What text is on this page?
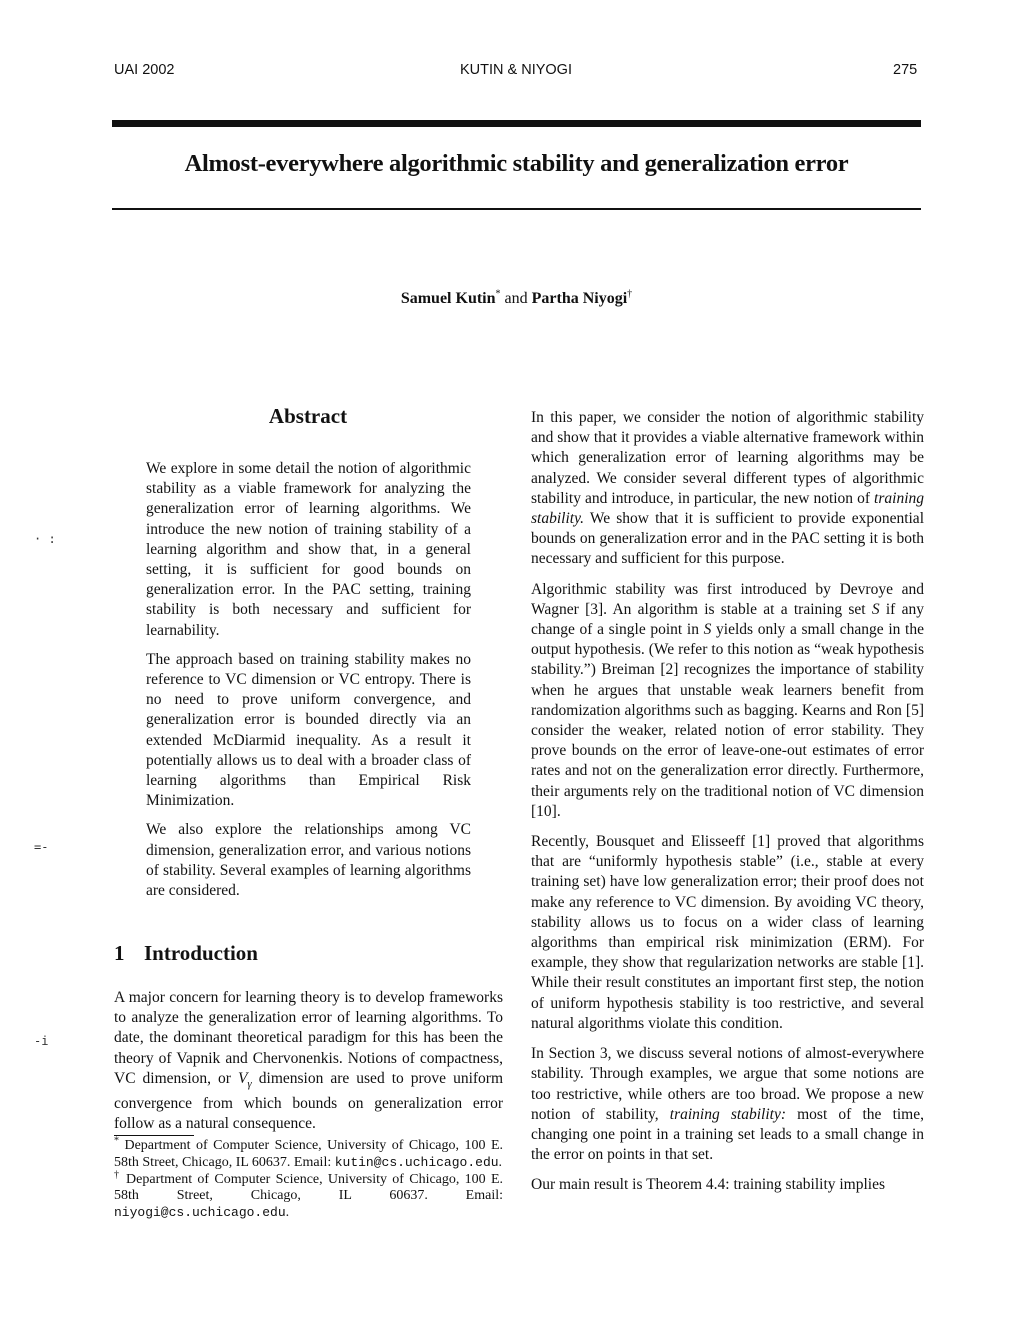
UAI 2002	KUTIN & NIYOGI	275
Almost-everywhere algorithmic stability and generalization error
Samuel Kutin* and Partha Niyogi†
· :
=-
-i
Abstract

We explore in some detail the notion of algorithmic stability as a viable framework for analyzing the generalization error of learning algorithms. We introduce the new notion of training stability of a learning algorithm and show that, in a general setting, it is sufficient for good bounds on generalization error. In the PAC setting, training stability is both necessary and sufficient for learnability.

The approach based on training stability makes no reference to VC dimension or VC entropy. There is no need to prove uniform convergence, and generalization error is bounded directly via an extended McDiarmid inequality. As a result it potentially allows us to deal with a broader class of learning algorithms than Empirical Risk Minimization.

We also explore the relationships among VC dimension, generalization error, and various notions of stability. Several examples of learning algorithms are considered.

1 Introduction

A major concern for learning theory is to develop frameworks to analyze the generalization error of learning algorithms. To date, the dominant theoretical paradigm for this has been the theory of Vapnik and Chervonenkis. Notions of compactness, VC dimension, or $V_\gamma$ dimension are used to prove uniform convergence from which bounds on generalization error follow as a natural consequence.

* Department of Computer Science, University of Chicago, 100 E. 58th Street, Chicago, IL 60637. Email: kutin@cs.uchicago.edu.

† Department of Computer Science, University of Chicago, 100 E. 58th Street, Chicago, IL 60637. Email: niyogi@cs.uchicago.edu.

In this paper, we consider the notion of algorithmic stability and show that it provides a viable alternative framework within which generalization error of learning algorithms may be analyzed. We consider several different types of algorithmic stability and introduce, in particular, the new notion of training stability. We show that it is sufficient to provide exponential bounds on generalization error and in the PAC setting it is both necessary and sufficient for this purpose.

Algorithmic stability was first introduced by Devroye and Wagner [3]. An algorithm is stable at a training set S if any change of a single point in S yields only a small change in the output hypothesis. (We refer to this notion as “weak hypothesis stability.”) Breiman [2] recognizes the importance of stability when he argues that unstable weak learners benefit from randomization algorithms such as bagging. Kearns and Ron [5] consider the weaker, related notion of error stability. They prove bounds on the error of leave-one-out estimates of error rates and not on the generalization error directly. Furthermore, their arguments rely on the traditional notion of VC dimension [10].

Recently, Bousquet and Elisseeff [1] proved that algorithms that are “uniformly hypothesis stable” (i.e., stable at every training set) have low generalization error; their proof does not make any reference to VC dimension. By avoiding VC theory, stability allows us to focus on a wider class of learning algorithms than empirical risk minimization (ERM). For example, they show that regularization networks are stable [1]. While their result constitutes an important first step, the notion of uniform hypothesis stability is too restrictive, and several natural algorithms violate this condition.

In Section 3, we discuss several notions of almost-everywhere stability. Through examples, we argue that some notions are too restrictive, while others are too broad. We propose a new notion of stability, training stability: most of the time, changing one point in a training set leads to a small change in the error on points in that set.

Our main result is Theorem 4.4: training stability implies
